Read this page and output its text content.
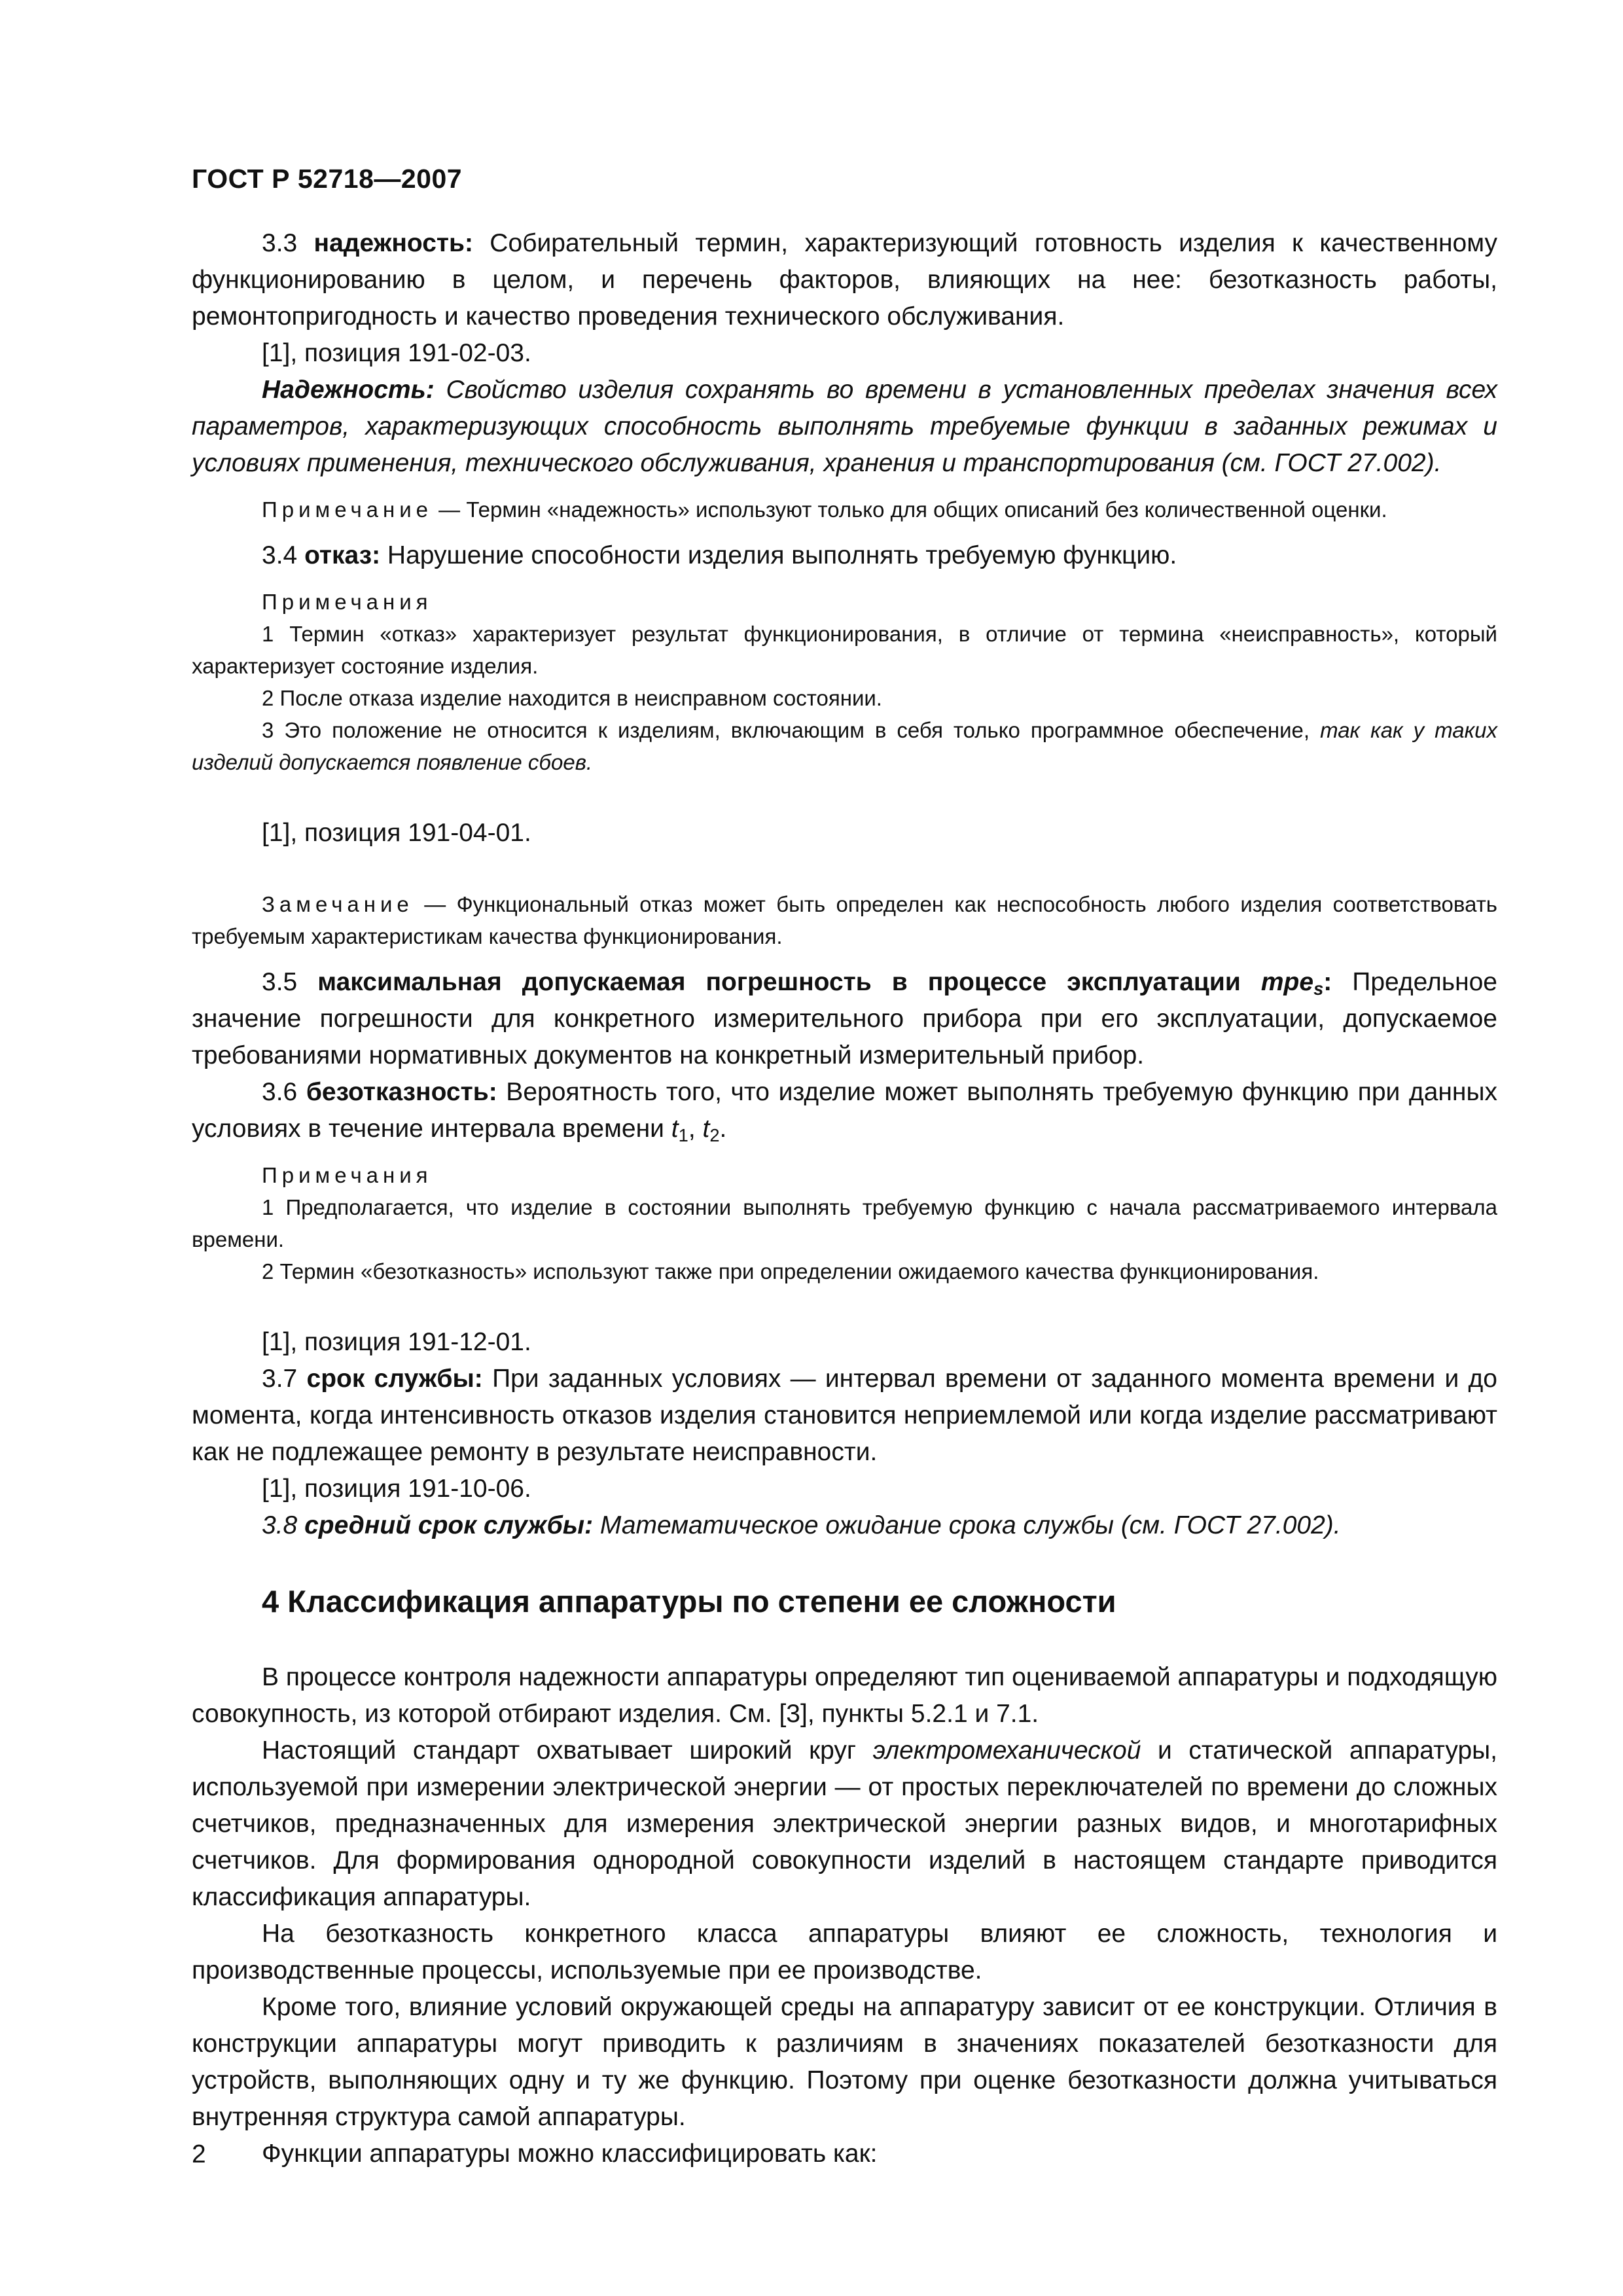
ГОСТ Р 52718—2007

3.3 надежность: Собирательный термин, характеризующий готовность изделия к качественному функционированию в целом, и перечень факторов, влияющих на нее: безотказность работы, ремонтопригодность и качество проведения технического обслуживания.

[1], позиция 191-02-03.

Надежность: Свойство изделия сохранять во времени в установленных пределах значения всех параметров, характеризующих способность выполнять требуемые функции в заданных режимах и условиях применения, технического обслуживания, хранения и транспортирования (см. ГОСТ 27.002).

Примечание — Термин «надежность» используют только для общих описаний без количественной оценки.

3.4 отказ: Нарушение способности изделия выполнять требуемую функцию.

Примечания

1 Термин «отказ» характеризует результат функционирования, в отличие от термина «неисправность», который характеризует состояние изделия.

2 После отказа изделие находится в неисправном состоянии.

3 Это положение не относится к изделиям, включающим в себя только программное обеспечение, так как у таких изделий допускается появление сбоев.

[1], позиция 191-04-01.

Замечание — Функциональный отказ может быть определен как неспособность любого изделия соответствовать требуемым характеристикам качества функционирования.

3.5 максимальная допускаемая погрешность в процессе эксплуатации mpe$_s$: Предельное значение погрешности для конкретного измерительного прибора при его эксплуатации, допускаемое требованиями нормативных документов на конкретный измерительный прибор.

3.6 безотказность: Вероятность того, что изделие может выполнять требуемую функцию при данных условиях в течение интервала времени $t_1$, $t_2$.

Примечания

1 Предполагается, что изделие в состоянии выполнять требуемую функцию с начала рассматриваемого интервала времени.

2 Термин «безотказность» используют также при определении ожидаемого качества функционирования.

[1], позиция 191-12-01.

3.7 срок службы: При заданных условиях — интервал времени от заданного момента времени и до момента, когда интенсивность отказов изделия становится неприемлемой или когда изделие рассматривают как не подлежащее ремонту в результате неисправности.

[1], позиция 191-10-06.

3.8 средний срок службы: Математическое ожидание срока службы (см. ГОСТ 27.002).

4 Классификация аппаратуры по степени ее сложности

В процессе контроля надежности аппаратуры определяют тип оцениваемой аппаратуры и подходящую совокупность, из которой отбирают изделия. См. [3], пункты 5.2.1 и 7.1.

Настоящий стандарт охватывает широкий круг электромеханической и статической аппаратуры, используемой при измерении электрической энергии — от простых переключателей по времени до сложных счетчиков, предназначенных для измерения электрической энергии разных видов, и многотарифных счетчиков. Для формирования однородной совокупности изделий в настоящем стандарте приводится классификация аппаратуры.

На безотказность конкретного класса аппаратуры влияют ее сложность, технология и производственные процессы, используемые при ее производстве.

Кроме того, влияние условий окружающей среды на аппаратуру зависит от ее конструкции. Отличия в конструкции аппаратуры могут приводить к различиям в значениях показателей безотказности для устройств, выполняющих одну и ту же функцию. Поэтому при оценке безотказности должна учитываться внутренняя структура самой аппаратуры.

Функции аппаратуры можно классифицировать как:

2
